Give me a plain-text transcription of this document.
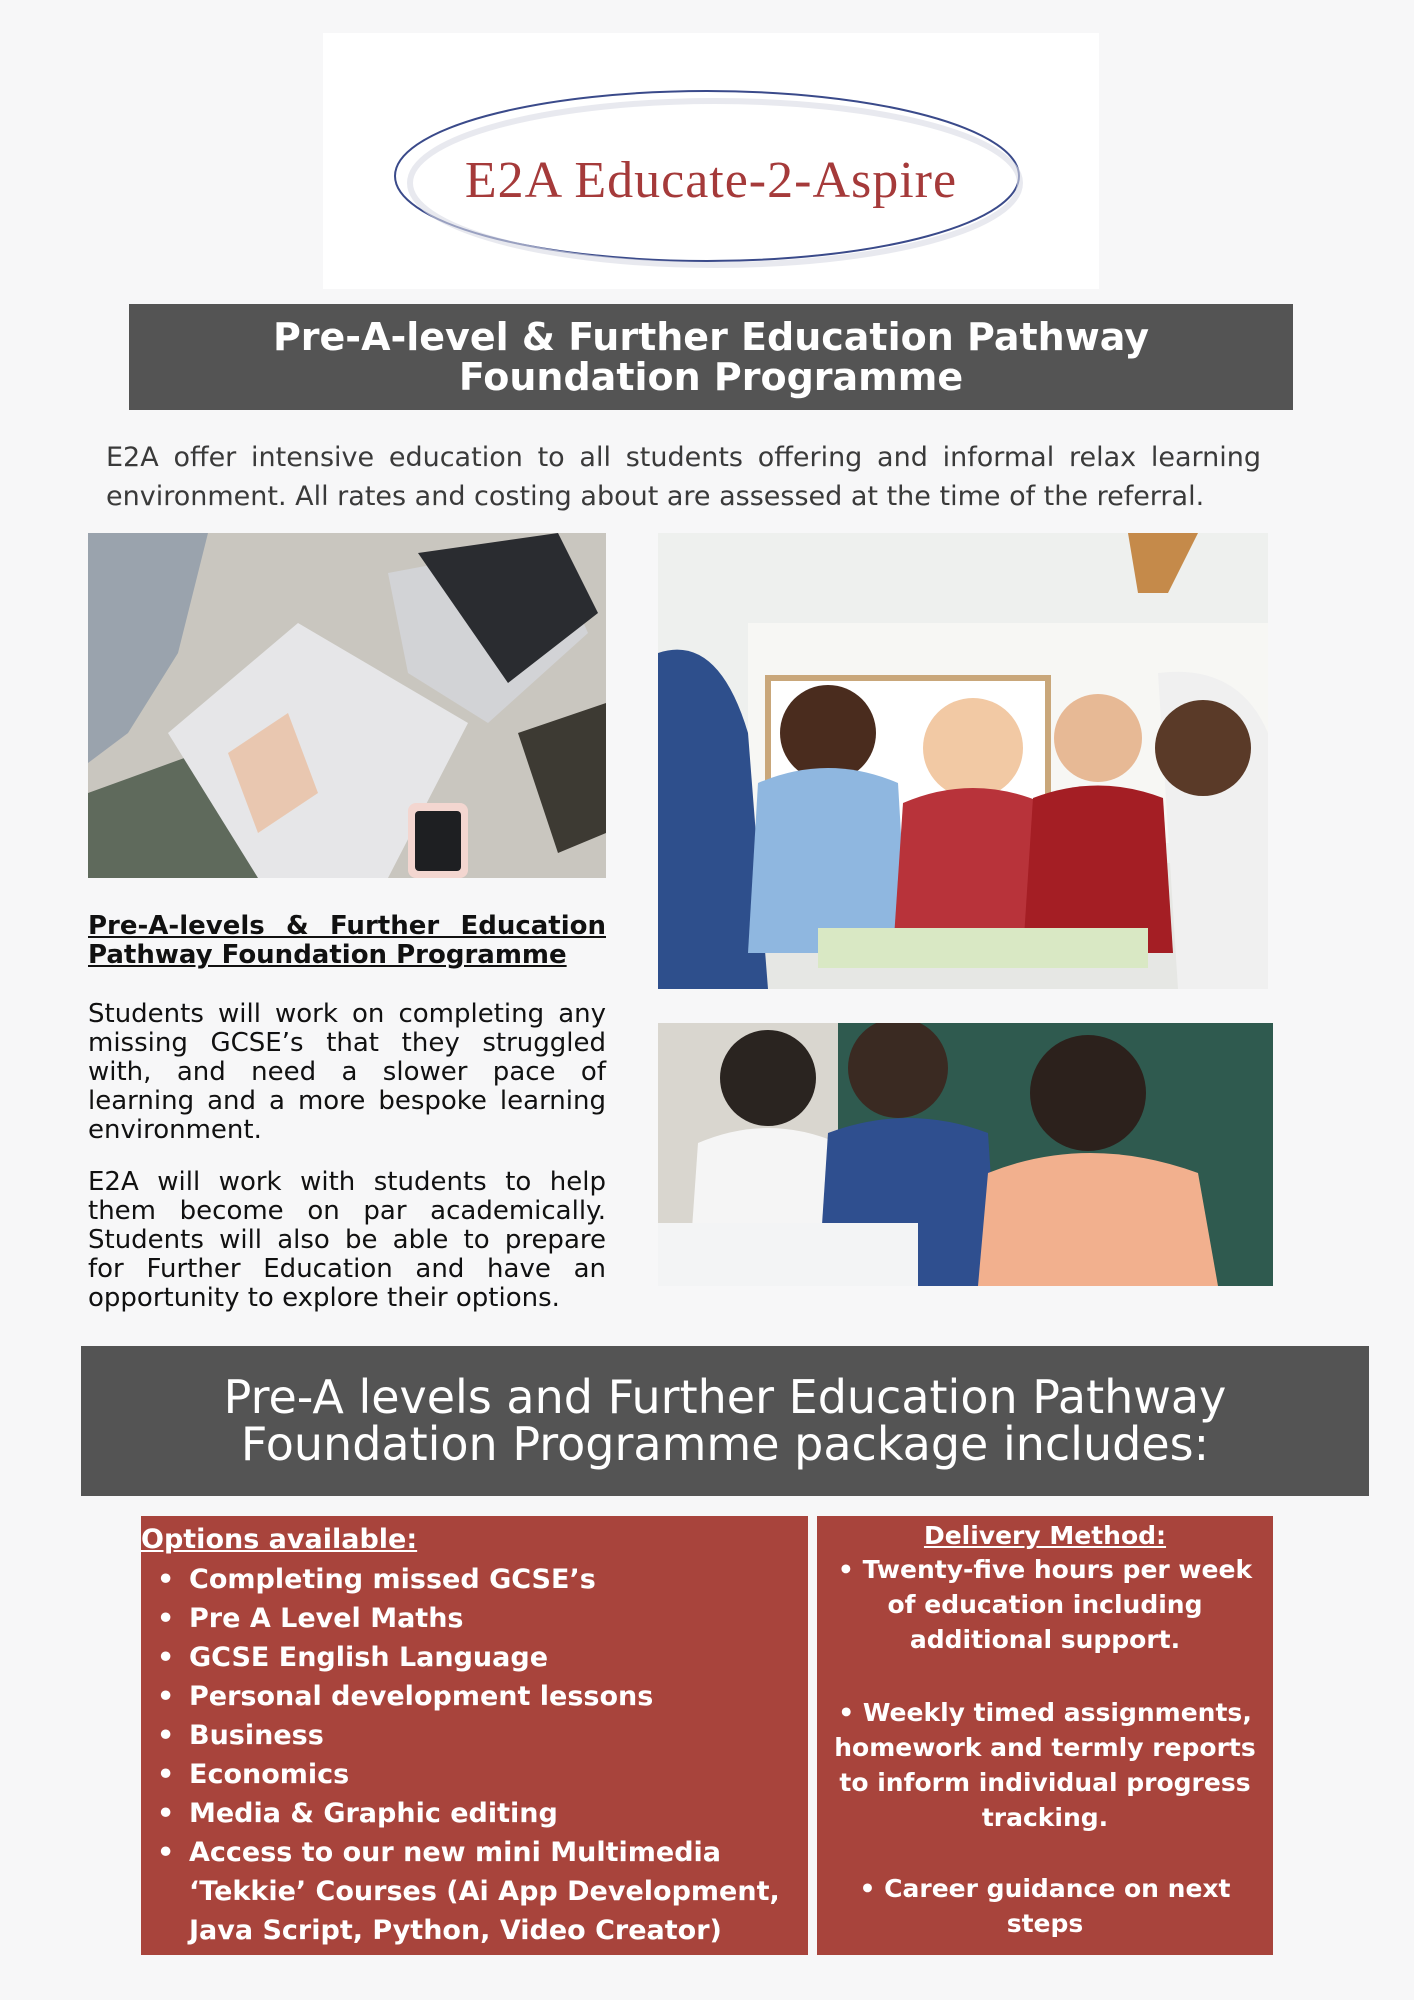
E2A Educate-2-Aspire
Pre-A-level & Further Education Pathway Foundation Programme
E2A offer intensive education to all students offering and informal relax learning environment. All rates and costing about are assessed at the time of the referral.
Pre-A-levels & Further Education Pathway Foundation Programme
Students will work on completing any missing GCSE’s that they struggled with, and need a slower pace of learning and a more bespoke learning environment.
E2A will work with students to help them become on par academically. Students will also be able to prepare for Further Education and have an opportunity to explore their options.
Pre-A levels and Further Education Pathway Foundation Programme package includes:
Options available:
• Completing missed GCSE’s
• Pre A Level Maths
• GCSE English Language
• Personal development lessons
• Business
• Economics
• Media & Graphic editing
• Access to our new mini Multimedia ‘Tekkie’ Courses (Ai App Development, Java Script, Python, Video Creator)
Delivery Method:
• Twenty-five hours per week of education including additional support.
• Weekly timed assignments, homework and termly reports to inform individual progress tracking.
• Career guidance on next steps
